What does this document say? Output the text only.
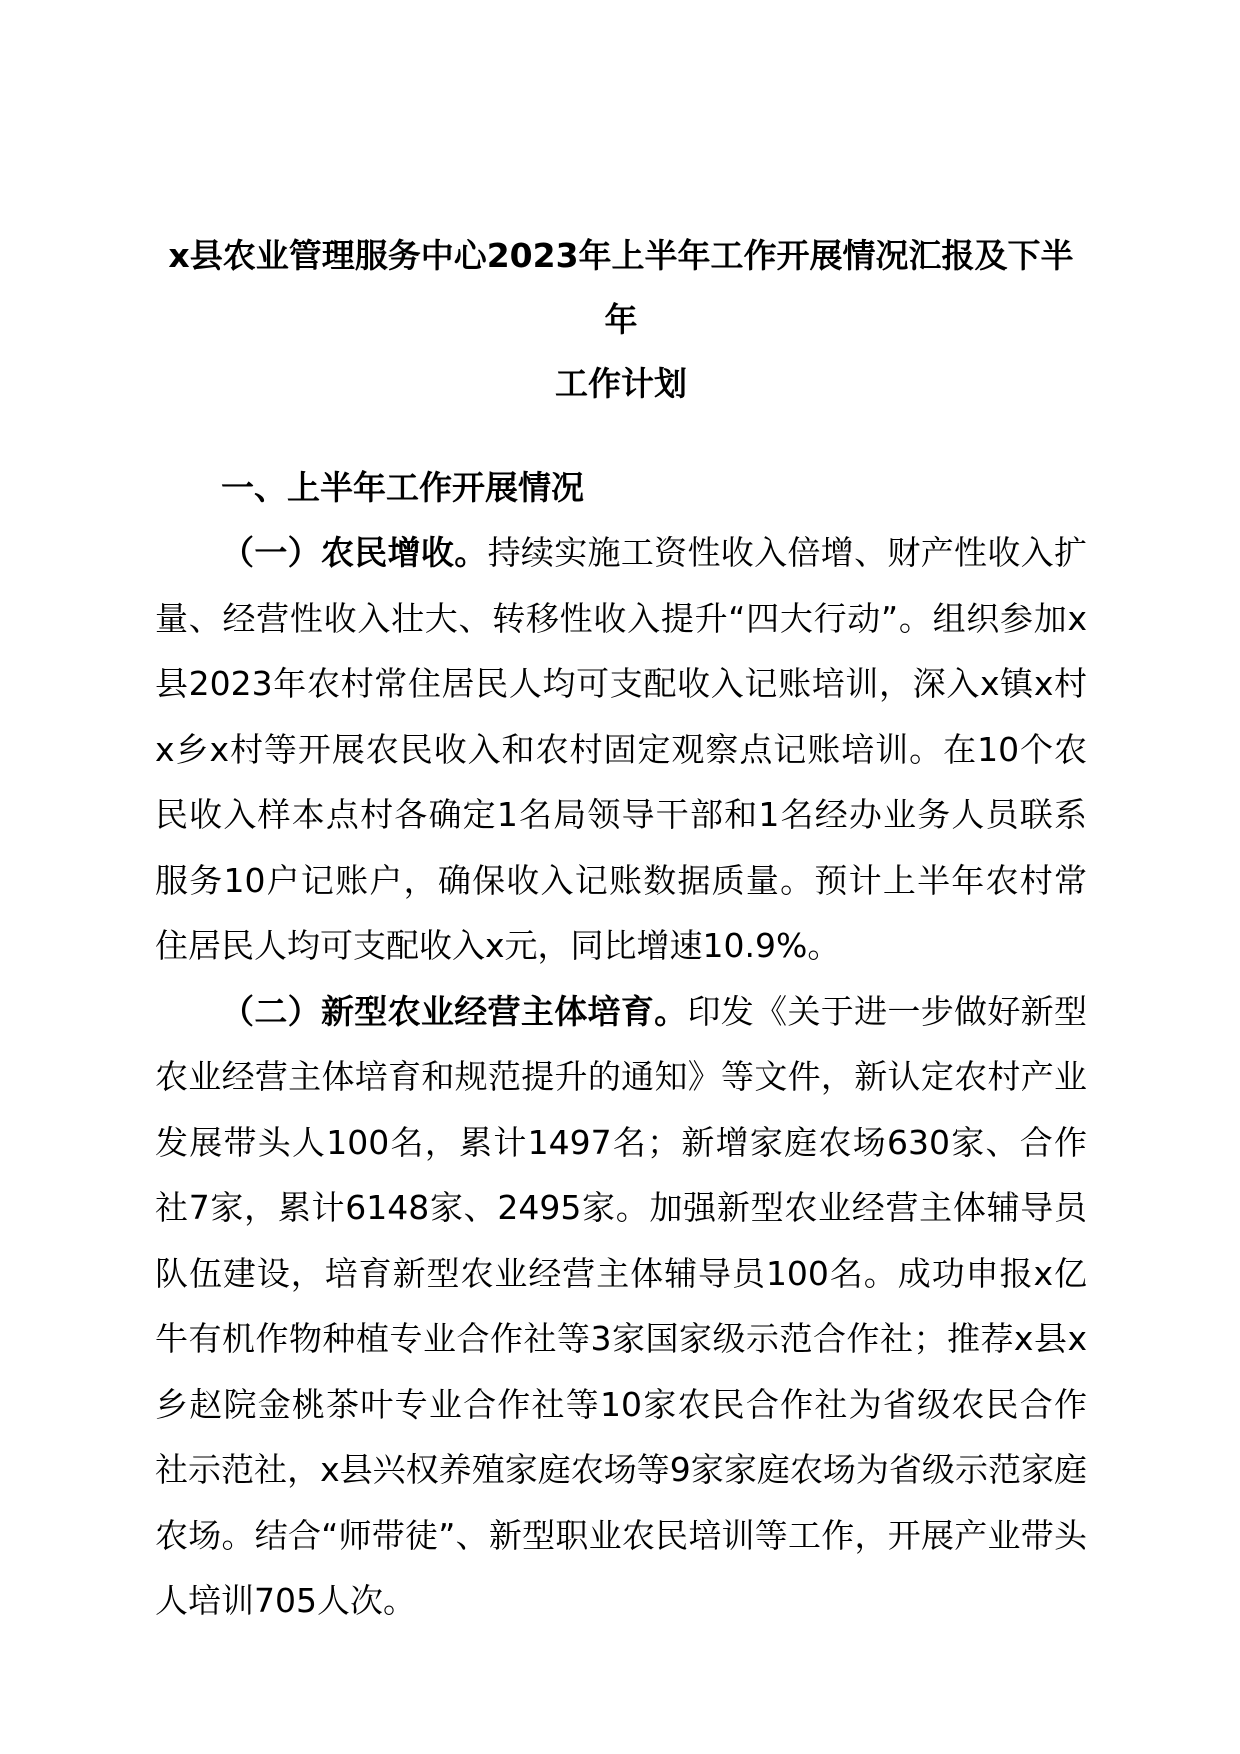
x县农业管理服务中心2023年上半年工作开展情况汇报及下半年
工作计划
一、上半年工作开展情况

（一）农民增收。持续实施工资性收入倍增、财产性收入扩量、经营性收入壮大、转移性收入提升“四大行动”。组织参加x县2023年农村常住居民人均可支配收入记账培训，深入x镇x村x乡x村等开展农民收入和农村固定观察点记账培训。在10个农民收入样本点村各确定1名局领导干部和1名经办业务人员联系服务10户记账户，确保收入记账数据质量。预计上半年农村常住居民人均可支配收入x元，同比增速10.9%。

（二）新型农业经营主体培育。印发《关于进一步做好新型农业经营主体培育和规范提升的通知》等文件，新认定农村产业发展带头人100名，累计1497名；新增家庭农场630家、合作社7家，累计6148家、2495家。加强新型农业经营主体辅导员队伍建设，培育新型农业经营主体辅导员100名。成功申报x亿牛有机作物种植专业合作社等3家国家级示范合作社；推荐x县x乡赵院金桃茶叶专业合作社等10家农民合作社为省级农民合作社示范社，x县兴权养殖家庭农场等9家家庭农场为省级示范家庭农场。结合“师带徒”、新型职业农民培训等工作，开展产业带头人培训705人次。
